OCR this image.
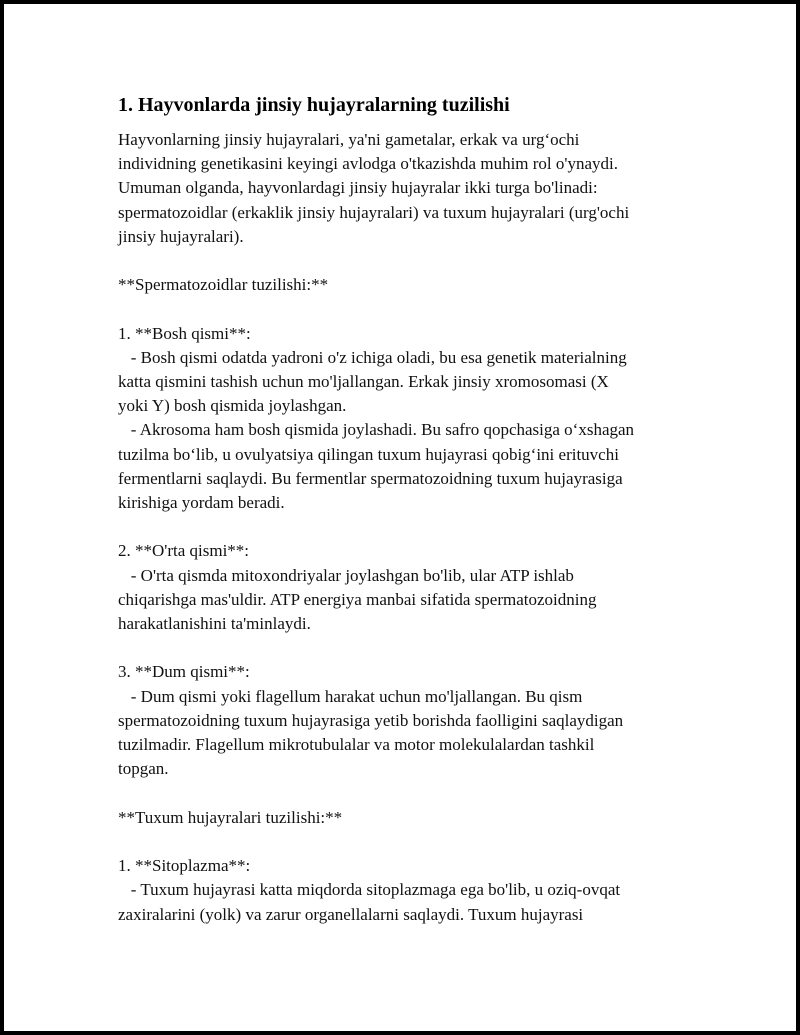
1. Hayvonlarda jinsiy hujayralarning tuzilishi
Hayvonlarning jinsiy hujayralari, ya'ni gametalar, erkak va urg‘ochi
individning genetikasini keyingi avlodga o'tkazishda muhim rol o'ynaydi.
Umuman olganda, hayvonlardagi jinsiy hujayralar ikki turga bo'linadi:
spermatozoidlar (erkaklik jinsiy hujayralari) va tuxum hujayralari (urg'ochi
jinsiy hujayralari).

**Spermatozoidlar tuzilishi:**

1. **Bosh qismi**:
- Bosh qismi odatda yadroni o'z ichiga oladi, bu esa genetik materialning
katta qismini tashish uchun mo'ljallangan. Erkak jinsiy xromosomasi (X
yoki Y) bosh qismida joylashgan.
- Akrosoma ham bosh qismida joylashadi. Bu safro qopchasiga o‘xshagan
tuzilma bo‘lib, u ovulyatsiya qilingan tuxum hujayrasi qobig‘ini erituvchi
fermentlarni saqlaydi. Bu fermentlar spermatozoidning tuxum hujayrasiga
kirishiga yordam beradi.

2. **O'rta qismi**:
- O'rta qismda mitoxondriyalar joylashgan bo'lib, ular ATP ishlab
chiqarishga mas'uldir. ATP energiya manbai sifatida spermatozoidning
harakatlanishini ta'minlaydi.

3. **Dum qismi**:
- Dum qismi yoki flagellum harakat uchun mo'ljallangan. Bu qism
spermatozoidning tuxum hujayrasiga yetib borishda faolligini saqlaydigan
tuzilmadir. Flagellum mikrotubulalar va motor molekulalardan tashkil
topgan.

**Tuxum hujayralari tuzilishi:**

1. **Sitoplazma**:
- Tuxum hujayrasi katta miqdorda sitoplazmaga ega bo'lib, u oziq-ovqat
zaxiralarini (yolk) va zarur organellalarni saqlaydi. Tuxum hujayrasi
